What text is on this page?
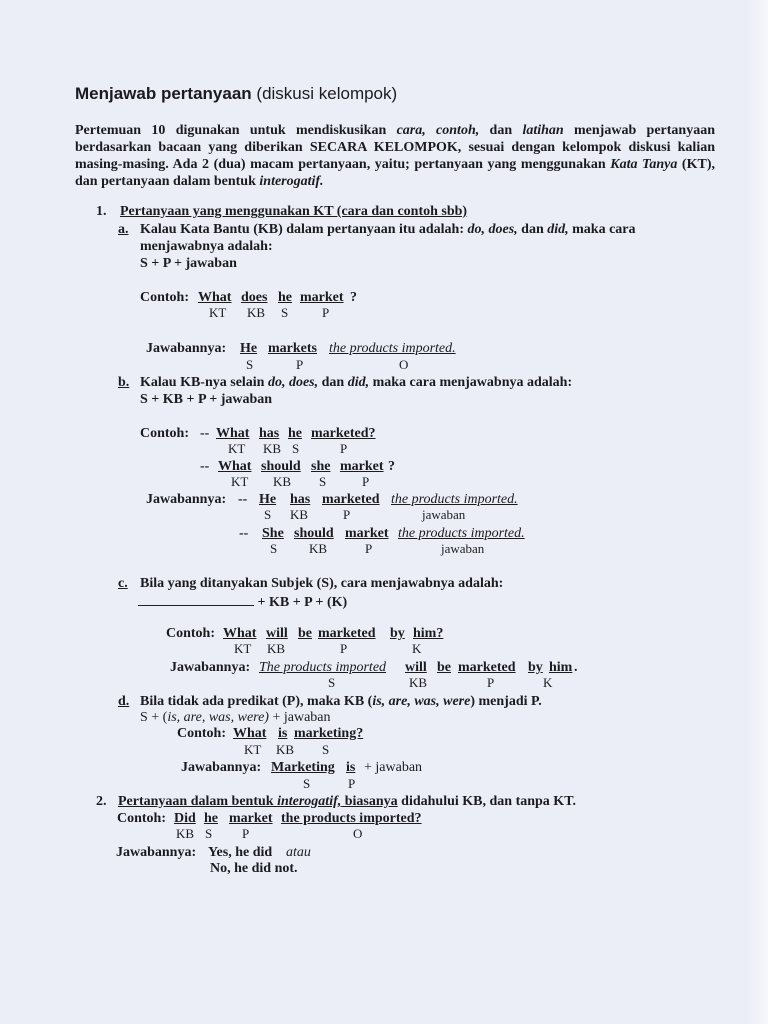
Menjawab pertanyaan (diskusi kelompok)
Pertemuan 10 digunakan untuk mendiskusikan cara, contoh, dan latihan menjawab pertanyaan berdasarkan bacaan yang diberikan SECARA KELOMPOK, sesuai dengan kelompok diskusi kalian masing-masing. Ada 2 (dua) macam pertanyaan, yaitu; pertanyaan yang menggunakan Kata Tanya (KT), dan pertanyaan dalam bentuk interogatif.
1. Pertanyaan yang menggunakan KT (cara dan contoh sbb)
a. Kalau Kata Bantu (KB) dalam pertanyaan itu adalah: do, does, dan did, maka cara
menjawabnya adalah:
S + P + jawaban
Contoh: What does he market ?
KT KB S	P
Jawabannya: He markets the products imported.
S	P	O
b. Kalau KB-nya selain do, does, dan did, maka cara menjawabnya adalah:
S + KB + P + jawaban
Contoh: -- What has he marketed?
KT KB S	P
-- What should she market ?
KT KB S	P
Jawabannya: -- He has marketed the products imported.
S KB	P	jawaban
-- She should market the products imported.
S KB	P	jawaban
c. Bila yang ditanyakan Subjek (S), cara menjawabnya adalah:
+ KB + P + (K)
Contoh: What will be marketed by him?
KT KB	P	K
Jawabannya: The products imported will be marketed by him .
S	KB	P	K
d. Bila tidak ada predikat (P), maka KB (is, are, was, were) menjadi P.
S + (is, are, was, were) + jawaban
Contoh: What is marketing?
KT KB S
Jawabannya: Marketing is + jawaban
S	P
2. Pertanyaan dalam bentuk interogatif, biasanya didahului KB, dan tanpa KT.
Contoh: Did he market the products imported?
KB S P	O
Jawabannya: Yes, he did atau
No, he did not.
